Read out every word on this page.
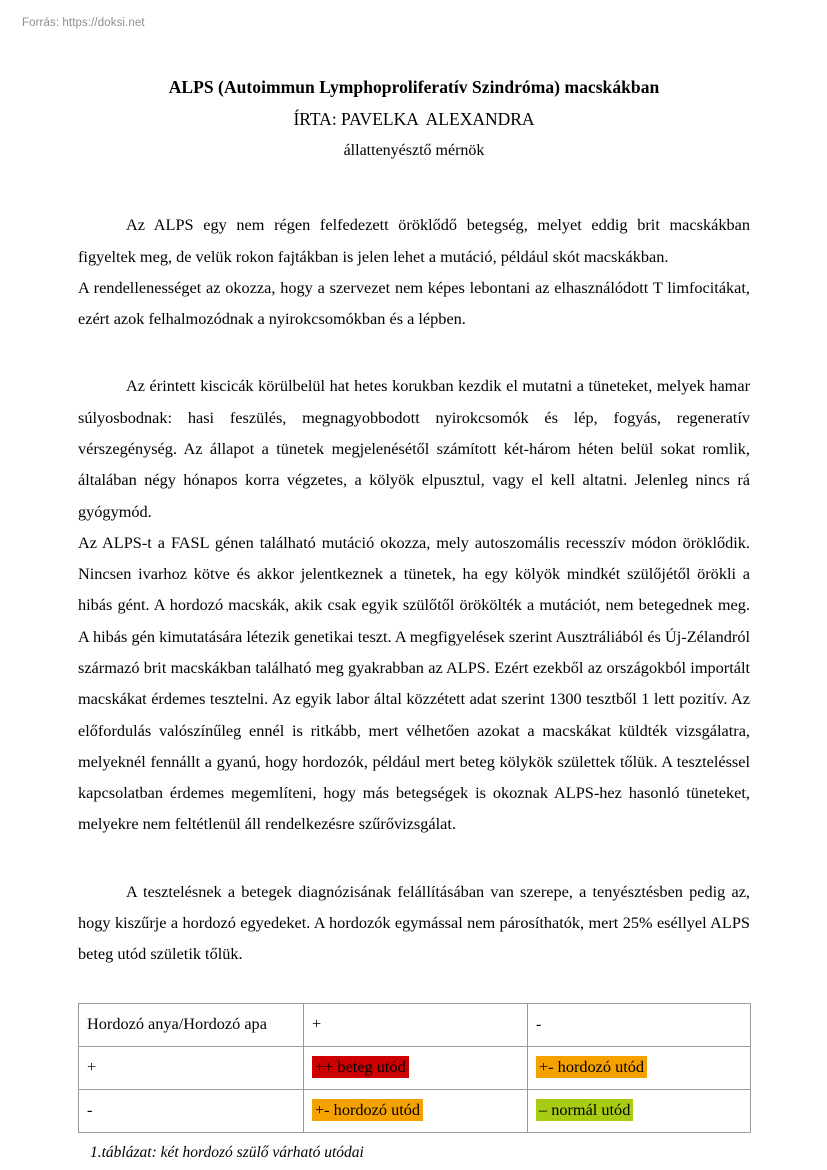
Forrás: https://doksi.net
ALPS (Autoimmun Lymphoproliferatív Szindróma) macskákban
ÍRTA: PAVELKA  ALEXANDRA
állattenyésztő mérnök

Az ALPS egy nem régen felfedezett öröklődő betegség, melyet eddig brit macskákban figyeltek meg, de velük rokon fajtákban is jelen lehet a mutáció, például skót macskákban.

A rendellenességet az okozza, hogy a szervezet nem képes lebontani az elhasználódott T limfocitákat, ezért azok felhalmozódnak a nyirokcsomókban és a lépben.

Az érintett kiscicák körülbelül hat hetes korukban kezdik el mutatni a tüneteket, melyek hamar súlyosbodnak: hasi feszülés, megnagyobbodott nyirokcsomók és lép, fogyás, regeneratív vérszegénység. Az állapot a tünetek megjelenésétől számított két-három héten belül sokat romlik, általában négy hónapos korra végzetes, a kölyök elpusztul, vagy el kell altatni. Jelenleg nincs rá gyógymód.

Az ALPS-t a FASL génen található mutáció okozza, mely autoszomális recesszív módon öröklődik. Nincsen ivarhoz kötve és akkor jelentkeznek a tünetek, ha egy kölyök mindkét szülőjétől örökli a hibás gént. A hordozó macskák, akik csak egyik szülőtől örökölték a mutációt, nem betegednek meg. A hibás gén kimutatására létezik genetikai teszt. A megfigyelések szerint Ausztráliából és Új-Zélandról származó brit macskákban található meg gyakrabban az ALPS. Ezért ezekből az országokból importált macskákat érdemes tesztelni. Az egyik labor által közzétett adat szerint 1300 tesztből 1 lett pozitív. Az előfordulás valószínűleg ennél is ritkább, mert vélhetően azokat a macskákat küldték vizsgálatra, melyeknél fennállt a gyanú, hogy hordozók, például mert beteg kölykök születtek tőlük. A teszteléssel kapcsolatban érdemes megemlíteni, hogy más betegségek is okoznak ALPS-hez hasonló tüneteket, melyekre nem feltétlenül áll rendelkezésre szűrővizsgálat.

A tesztelésnek a betegek diagnózisának felállításában van szerepe, a tenyésztésben pedig az, hogy kiszűrje a hordozó egyedeket. A hordozók egymással nem párosíthatók, mert 25% eséllyel ALPS beteg utód születik tőlük.

Hordozó anya/Hordozó apa	+	-
+	++ beteg utód	+- hordozó utód
-	+- hordozó utód	– normál utód
1.táblázat: két hordozó szülő várható utódai
